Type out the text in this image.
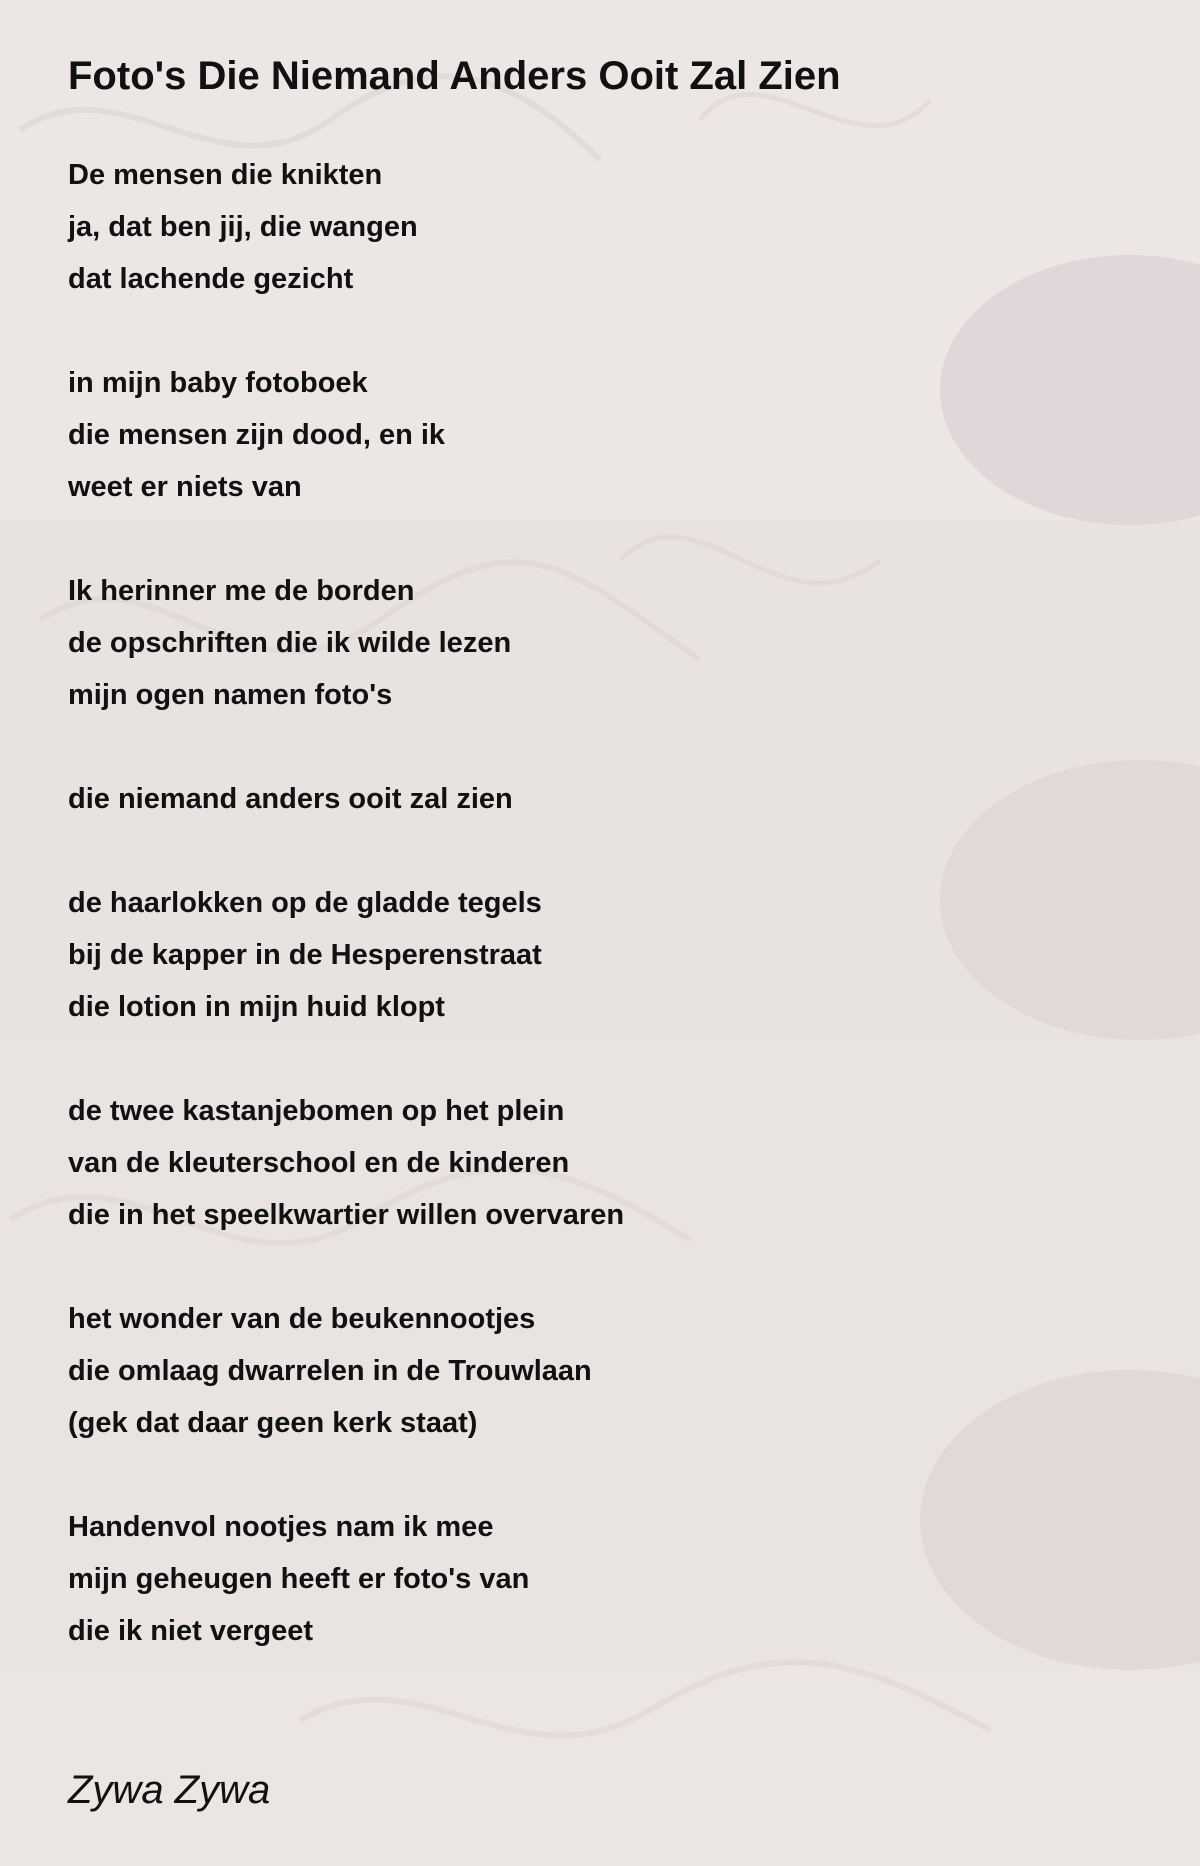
Foto's Die Niemand Anders Ooit Zal Zien
De mensen die knikten
ja, dat ben jij, die wangen
dat lachende gezicht
in mijn baby fotoboek
die mensen zijn dood, en ik
weet er niets van
Ik herinner me de borden
de opschriften die ik wilde lezen
mijn ogen namen foto's
die niemand anders ooit zal zien
de haarlokken op de gladde tegels
bij de kapper in de Hesperenstraat
die lotion in mijn huid klopt
de twee kastanjebomen op het plein
van de kleuterschool en de kinderen
die in het speelkwartier willen overvaren
het wonder van de beukennootjes
die omlaag dwarrelen in de Trouwlaan
(gek dat daar geen kerk staat)
Handenvol nootjes nam ik mee
mijn geheugen heeft er foto's van
die ik niet vergeet

Zywa Zywa
